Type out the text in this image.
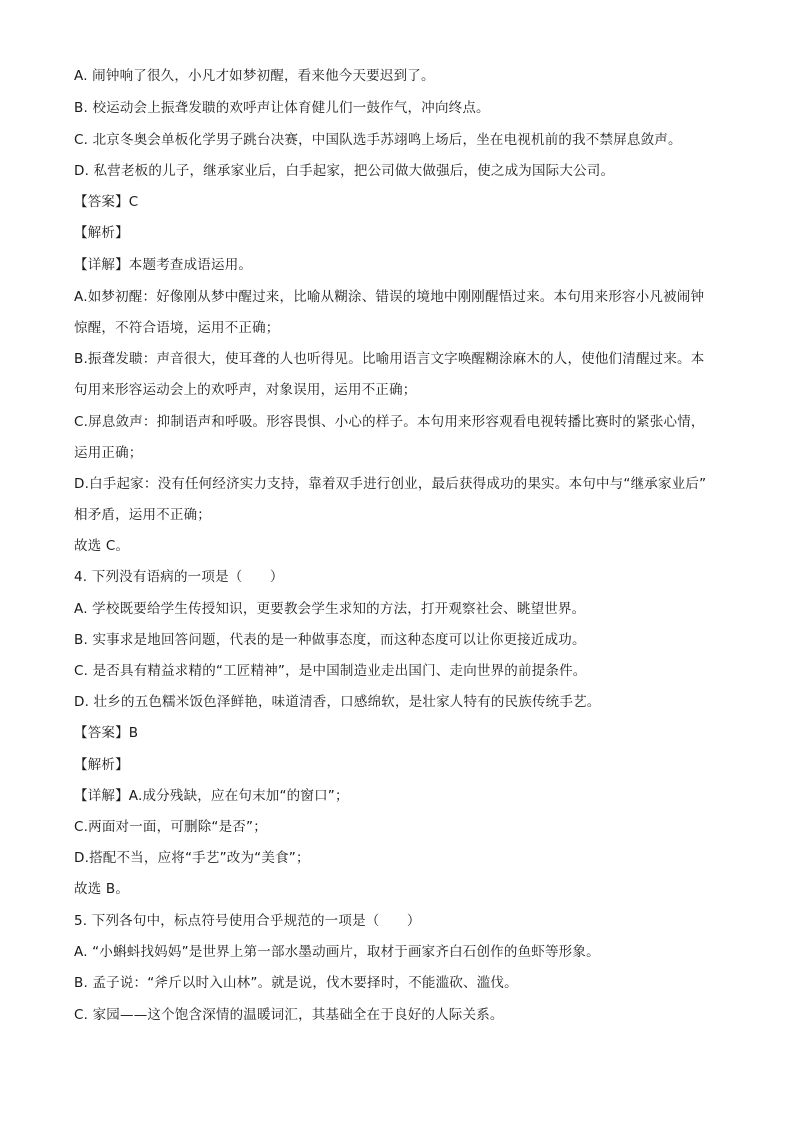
A. 闹钟响了很久，小凡才如梦初醒，看来他今天要迟到了。
B. 校运动会上振聋发聩的欢呼声让体育健儿们一鼓作气，冲向终点。
C. 北京冬奥会单板化学男子跳台决赛，中国队选手苏翊鸣上场后，坐在电视机前的我不禁屏息敛声。
D. 私营老板的儿子，继承家业后，白手起家，把公司做大做强后，使之成为国际大公司。
【答案】C
【解析】
【详解】本题考查成语运用。
A.如梦初醒：好像刚从梦中醒过来，比喻从糊涂、错误的境地中刚刚醒悟过来。本句用来形容小凡被闹钟
惊醒，不符合语境，运用不正确；
B.振聋发聩：声音很大，使耳聋的人也听得见。比喻用语言文字唤醒糊涂麻木的人，使他们清醒过来。本
句用来形容运动会上的欢呼声，对象误用，运用不正确；
C.屏息敛声：抑制语声和呼吸。形容畏惧、小心的样子。本句用来形容观看电视转播比赛时的紧张心情，
运用正确；
D.白手起家：没有任何经济实力支持，靠着双手进行创业，最后获得成功的果实。本句中与“继承家业后”
相矛盾，运用不正确；
故选 C。
4. 下列没有语病的一项是（　　）
A. 学校既要给学生传授知识，更要教会学生求知的方法，打开观察社会、眺望世界。
B. 实事求是地回答问题，代表的是一种做事态度，而这种态度可以让你更接近成功。
C. 是否具有精益求精的“工匠精神”，是中国制造业走出国门、走向世界的前提条件。
D. 壮乡的五色糯米饭色泽鲜艳，味道清香，口感绵软，是壮家人特有的民族传统手艺。
【答案】B
【解析】
【详解】A.成分残缺，应在句末加“的窗口”；
C.两面对一面，可删除“是否”；
D.搭配不当，应将“手艺”改为“美食”；
故选 B。
5. 下列各句中，标点符号使用合乎规范的一项是（　　）
A. “小蝌蚪找妈妈”是世界上第一部水墨动画片，取材于画家齐白石创作的鱼虾等形象。
B. 孟子说：“斧斤以时入山林”。就是说，伐木要择时，不能滥砍、滥伐。
C. 家园——这个饱含深情的温暖词汇，其基础全在于良好的人际关系。
